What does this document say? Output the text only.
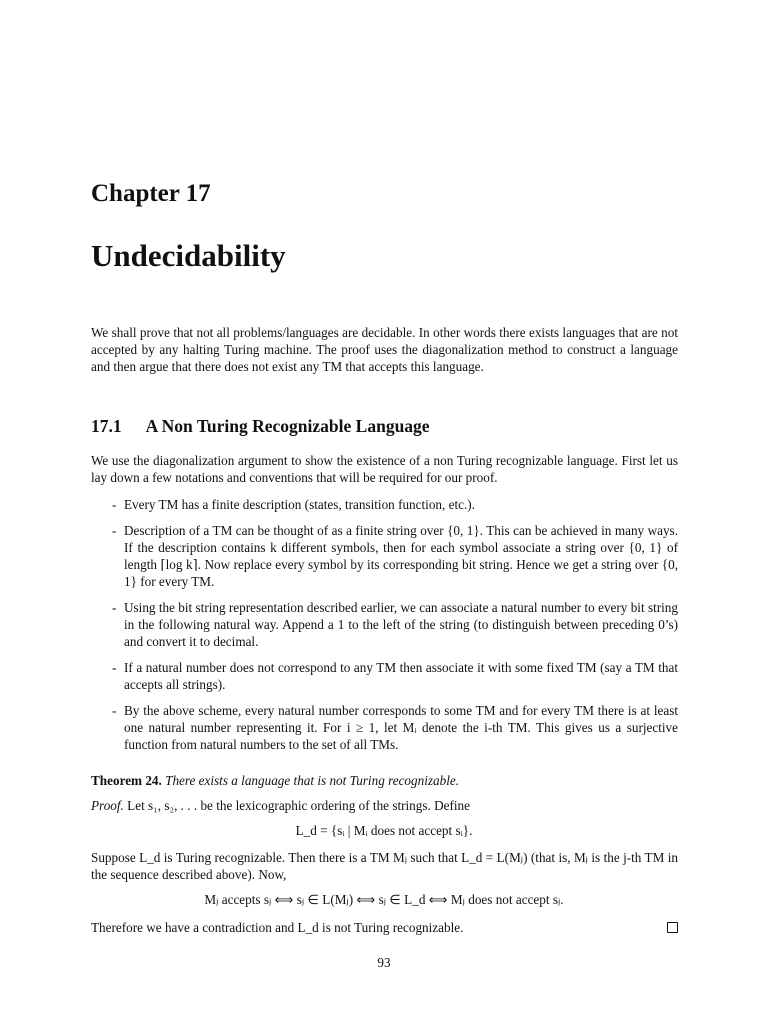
Chapter 17
Undecidability

We shall prove that not all problems/languages are decidable. In other words there exists languages that are not accepted by any halting Turing machine. The proof uses the diagonalization method to construct a language and then argue that there does not exist any TM that accepts this language.

17.1 A Non Turing Recognizable Language

We use the diagonalization argument to show the existence of a non Turing recognizable language. First let us lay down a few notations and conventions that will be required for our proof.

- Every TM has a finite description (states, transition function, etc.).
- Description of a TM can be thought of as a finite string over {0, 1}. This can be achieved in many ways. If the description contains k different symbols, then for each symbol associate a string over {0, 1} of length ⌈log k⌉. Now replace every symbol by its corresponding bit string. Hence we get a string over {0, 1} for every TM.
- Using the bit string representation described earlier, we can associate a natural number to every bit string in the following natural way. Append a 1 to the left of the string (to distinguish between preceding 0’s) and convert it to decimal.
- If a natural number does not correspond to any TM then associate it with some fixed TM (say a TM that accepts all strings).
- By the above scheme, every natural number corresponds to some TM and for every TM there is at least one natural number representing it. For i ≥ 1, let Mᵢ denote the i-th TM. This gives us a surjective function from natural numbers to the set of all TMs.

Theorem 24. There exists a language that is not Turing recognizable.

Proof. Let s₁, s₂, . . . be the lexicographic ordering of the strings. Define

L_d = {sᵢ | Mᵢ does not accept sᵢ}.

Suppose L_d is Turing recognizable. Then there is a TM Mⱼ such that L_d = L(Mⱼ) (that is, Mⱼ is the j-th TM in the sequence described above). Now,

Mⱼ accepts sⱼ ⟺ sⱼ ∈ L(Mⱼ) ⟺ sⱼ ∈ L_d ⟺ Mⱼ does not accept sⱼ.

Therefore we have a contradiction and L_d is not Turing recognizable.

93
